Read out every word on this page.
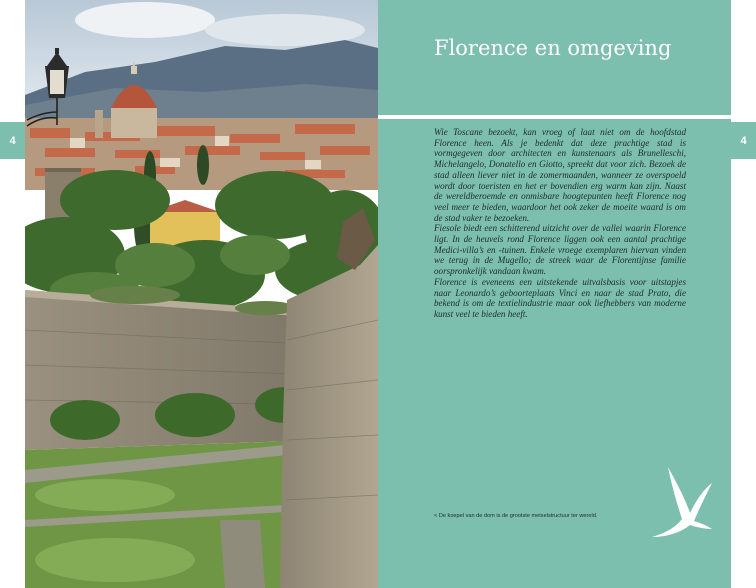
4
Florence en omgeving

Wie Toscane bezoekt, kan vroeg of laat niet om de hoofdstad Florence heen. Als je bedenkt dat deze prachtige stad is vormgegeven door architecten en kunstenaars als Brunelleschi, Michelangelo, Donatello en Giotto, spreekt dat voor zich. Bezoek de stad alleen liever niet in de zomermaanden, wanneer ze overspoeld wordt door toeristen en het er bovendien erg warm kan zijn. Naast de wereldberoemde en onmisbare hoogtepunten heeft Florence nog veel meer te bieden, waardoor het ook zeker de moeite waard is om de stad vaker te bezoeken.

Fiesole biedt een schitterend uitzicht over de vallei waarin Florence ligt. In de heuvels rond Florence liggen ook een aantal prachtige Medici-villa’s en -tuinen. Enkele vroege exemplaren hiervan vinden we terug in de Mugello; de streek waar de Florentijnse familie oorspronkelijk vandaan kwam.

Florence is eveneens een uitstekende uitvalsbasis voor uitstapjes naar Leonardo’s geboorteplaats Vinci en naar de stad Prato, die bekend is om de textielindustrie maar ook liefhebbers van moderne kunst veel te bieden heeft.

< De koepel van de dom is de grootste metselstructuur ter wereld.
4
